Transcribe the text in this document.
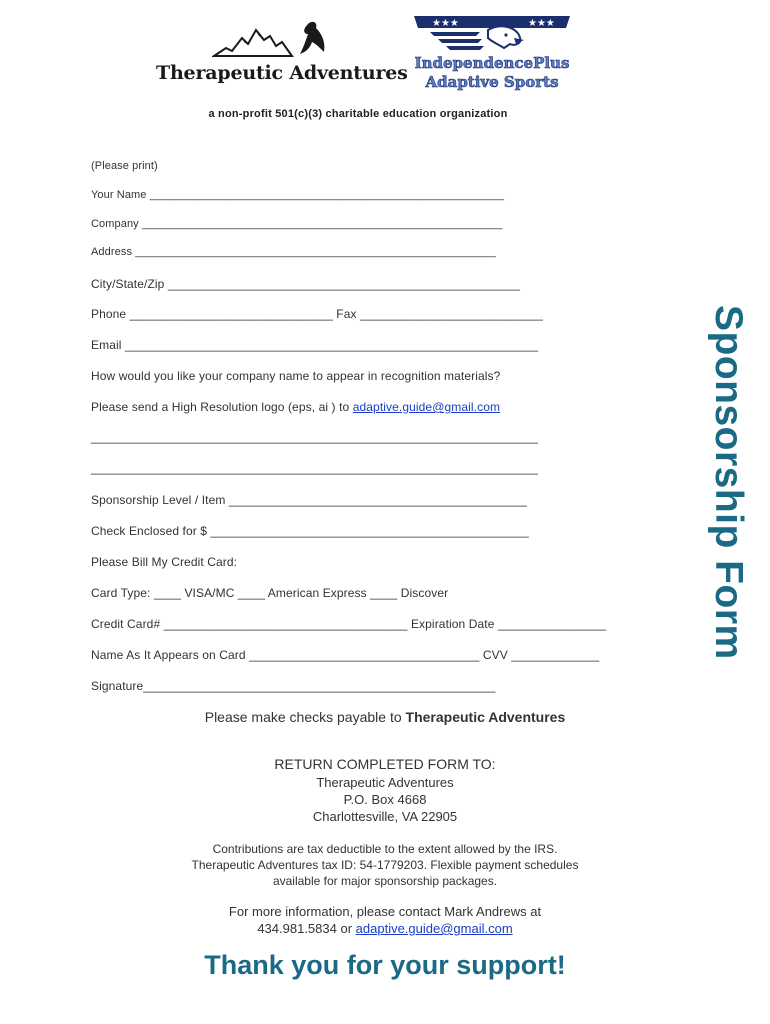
Therapeutic Adventures
★★★	★★★
IndependencePlus
Adaptive Sports
a non-profit 501(c)(3) charitable education organization
(Please print)
Your Name _________________________________________________________
Company __________________________________________________________
Address __________________________________________________________
City/State/Zip ____________________________________________________
Phone ______________________________ Fax ___________________________
Email _____________________________________________________________
How would you like your company name to appear in recognition materials?
Please send a High Resolution logo (eps, ai ) to adaptive.guide@gmail.com
__________________________________________________________________
__________________________________________________________________
Sponsorship Level / Item ____________________________________________
Check Enclosed for $ _______________________________________________
Please Bill My Credit Card:
Card Type: ____ VISA/MC ____ American Express ____ Discover
Credit Card# ____________________________________ Expiration Date ________________
Name As It Appears on Card __________________________________ CVV _____________
Signature____________________________________________________
Sponsorship Form
Please make checks payable to Therapeutic Adventures
RETURN COMPLETED FORM TO:
Therapeutic Adventures
P.O. Box 4668
Charlottesville, VA 22905
Contributions are tax deductible to the extent allowed by the IRS.
Therapeutic Adventures tax ID: 54-1779203. Flexible payment schedules
available for major sponsorship packages.
For more information, please contact Mark Andrews at
434.981.5834 or adaptive.guide@gmail.com
Thank you for your support!
